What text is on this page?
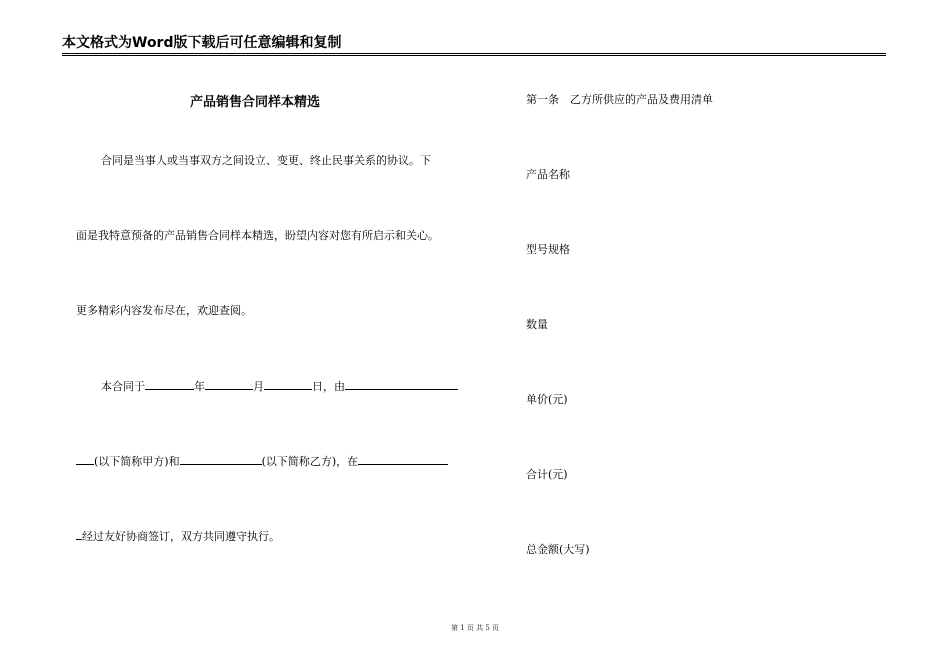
本文格式为Word版下载后可任意编辑和复制
产品销售合同样本精选
合同是当事人或当事双方之间设立、变更、终止民事关系的协议。下
面是我特意预备的产品销售合同样本精选，盼望内容对您有所启示和关心。
更多精彩内容发布尽在，欢迎查阅。
本合同于	年	月	日，由
(以下简称甲方)和	(以下简称乙方)，在
经过友好协商签订，双方共同遵守执行。
第一条　乙方所供应的产品及费用清单
产品名称
型号规格
数量
单价(元)
合计(元)
总金额(大写)
第 1 页 共 5 页
